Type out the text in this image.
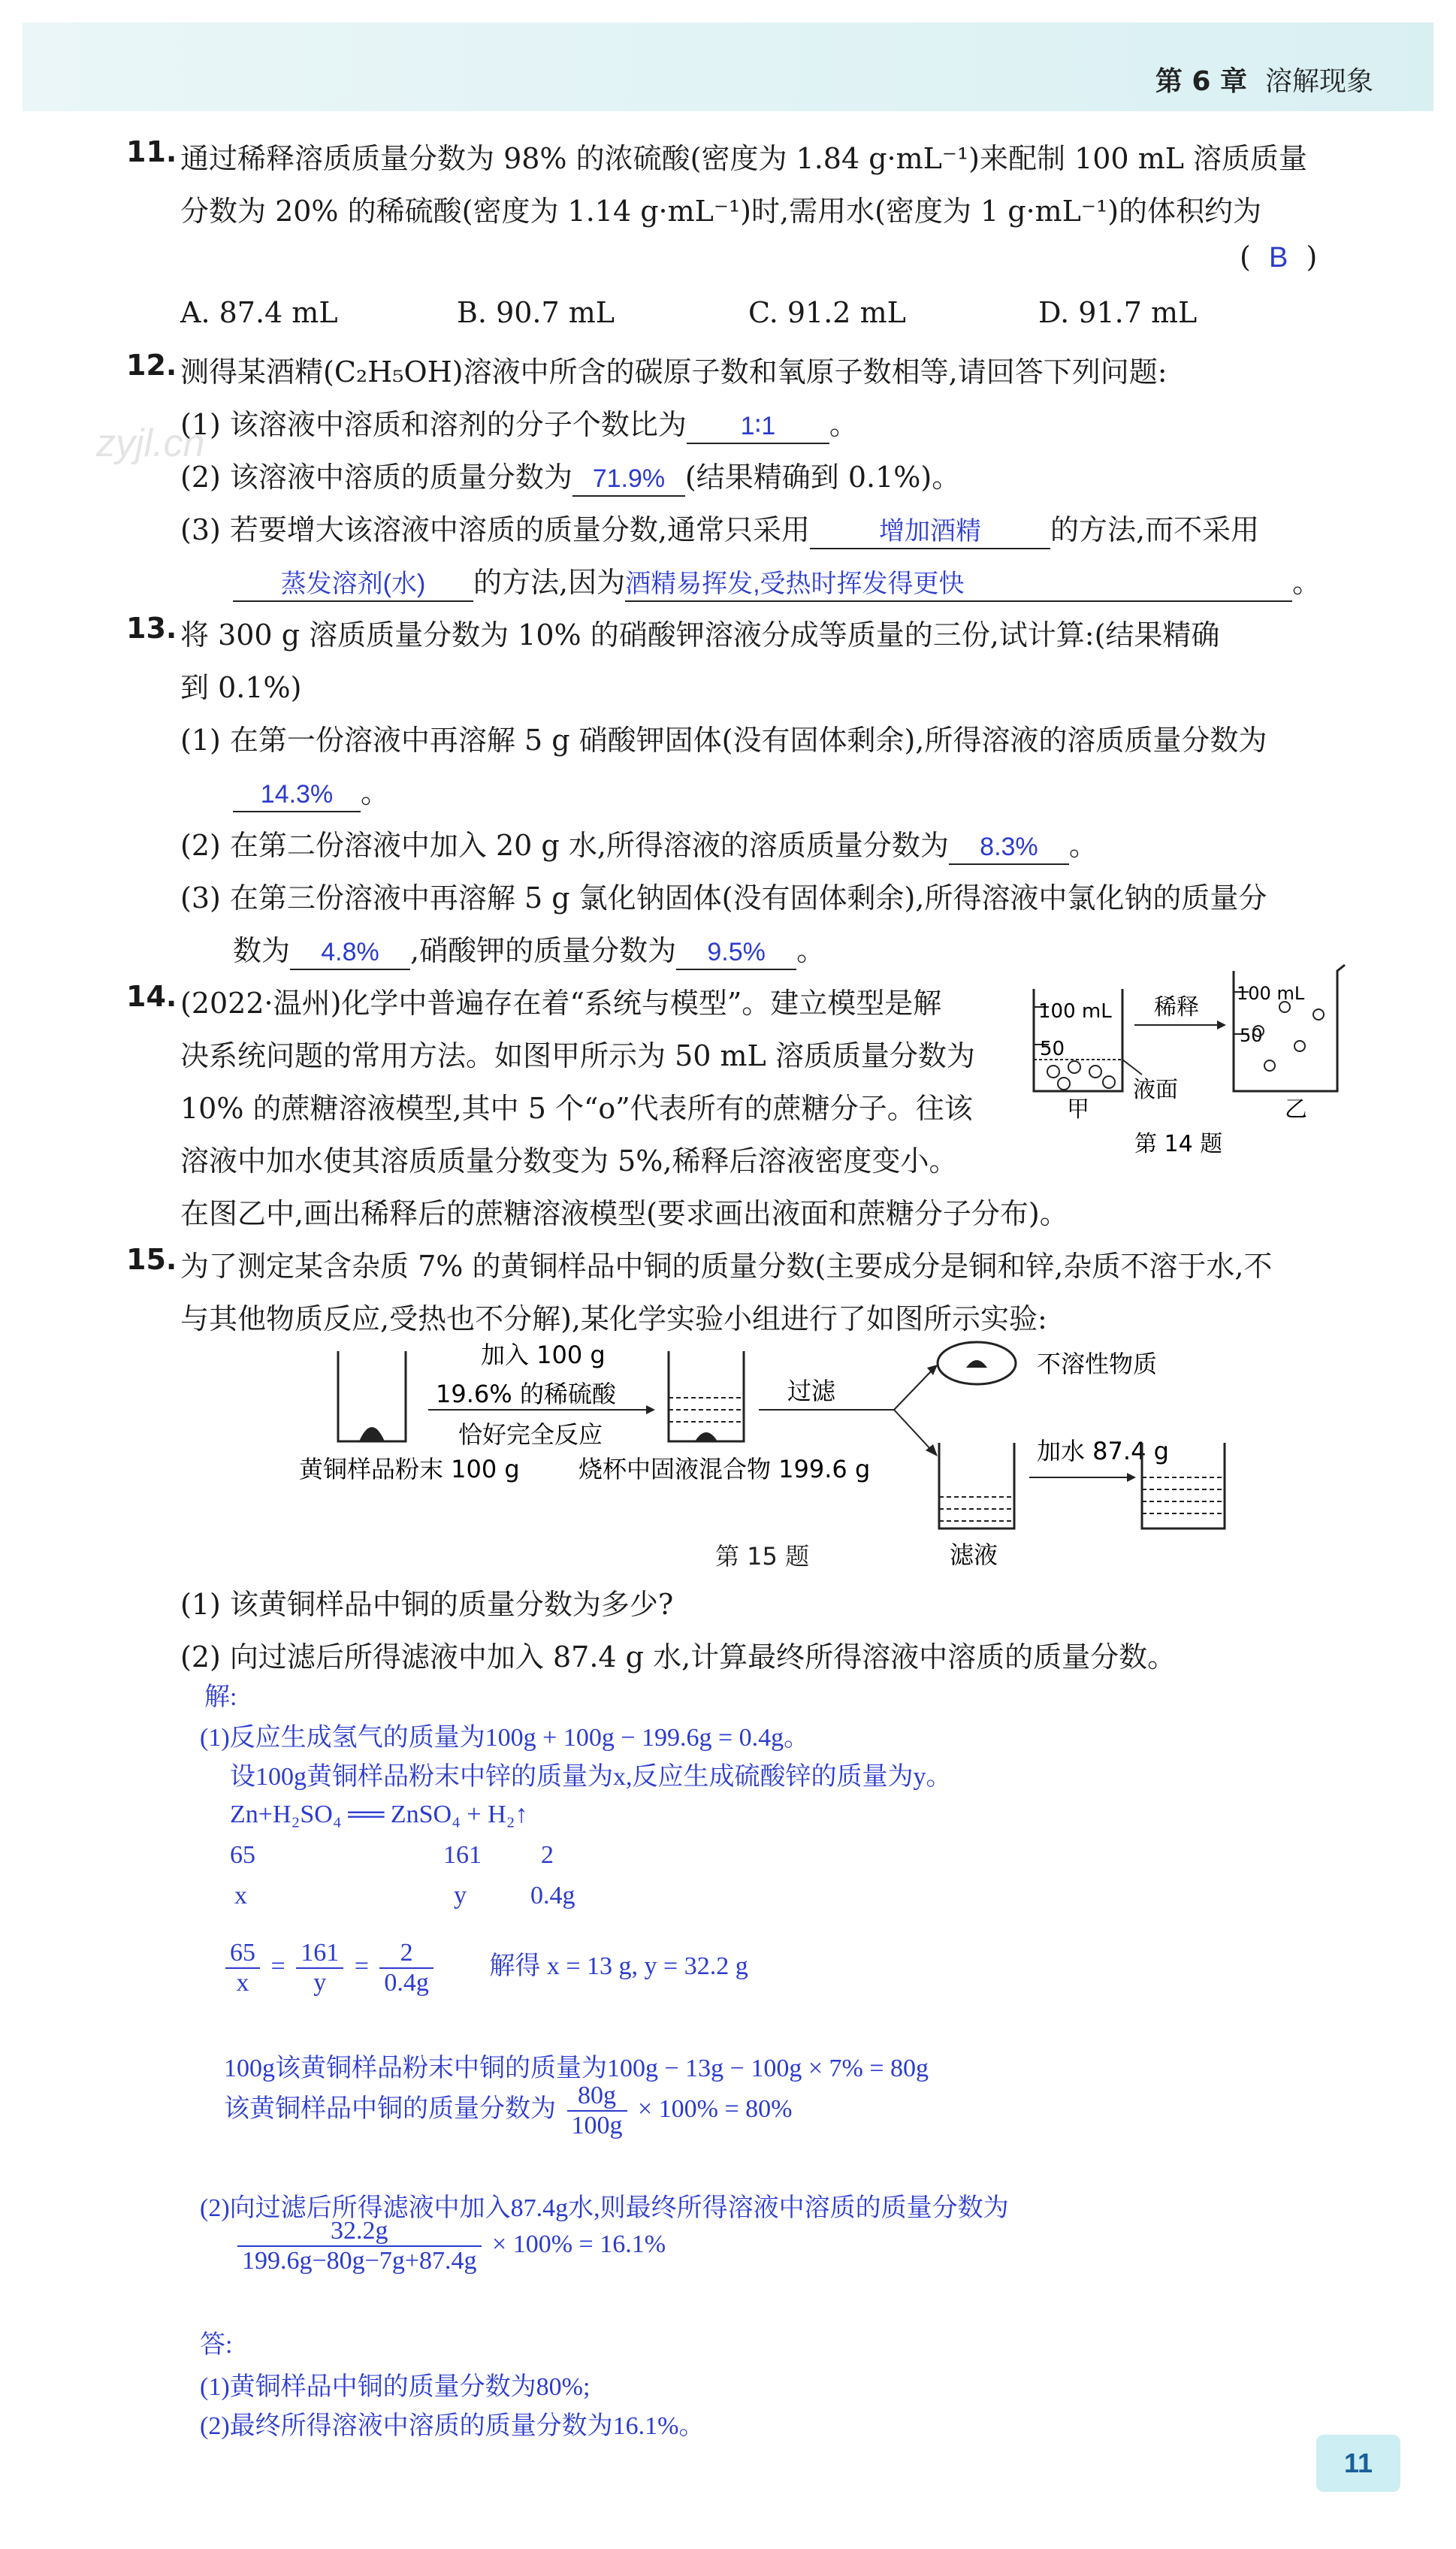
第 6 章 溶解现象
zyjl.cn
11. 通过稀释溶质质量分数为 98% 的浓硫酸(密度为 1.84 g·mL⁻¹)来配制 100 mL 溶质质量
分数为 20% 的稀硫酸(密度为 1.14 g·mL⁻¹)时,需用水(密度为 1 g·mL⁻¹)的体积约为
( B )
A. 87.4 mL	B. 90.7 mL	C. 91.2 mL	D. 91.7 mL
12. 测得某酒精(C₂H₅OH)溶液中所含的碳原子数和氧原子数相等,请回答下列问题:
(1) 该溶液中溶质和溶剂的分子个数比为 1∶1 。
(2) 该溶液中溶质的质量分数为 71.9% (结果精确到 0.1%)。
(3) 若要增大该溶液中溶质的质量分数,通常只采用	增加酒精 的方法,而不采用
蒸发溶剂(水) 的方法,因为酒精易挥发,受热时挥发得更快	。
13. 将 300 g 溶质质量分数为 10% 的硝酸钾溶液分成等质量的三份,试计算:(结果精确
到 0.1%)
(1) 在第一份溶液中再溶解 5 g 硝酸钾固体(没有固体剩余),所得溶液的溶质质量分数为
14.3% 。
(2) 在第二份溶液中加入 20 g 水,所得溶液的溶质质量分数为 8.3% 。
(3) 在第三份溶液中再溶解 5 g 氯化钠固体(没有固体剩余),所得溶液中氯化钠的质量分
数为 4.8% ,硝酸钾的质量分数为 9.5% 。
14. (2022·温州)化学中普遍存在着“系统与模型”。建立模型是解
决系统问题的常用方法。如图甲所示为 50 mL 溶质质量分数为
10% 的蔗糖溶液模型,其中 5 个“o”代表所有的蔗糖分子。往该
溶液中加水使其溶质质量分数变为 5%,稀释后溶液密度变小。
在图乙中,画出稀释后的蔗糖溶液模型(要求画出液面和蔗糖分子分布)。
100 mL
50
甲
稀释
液面
100 mL
50
乙
第 14 题
15. 为了测定某含杂质 7% 的黄铜样品中铜的质量分数(主要成分是铜和锌,杂质不溶于水,不
与其他物质反应,受热也不分解),某化学实验小组进行了如图所示实验:
黄铜样品粉末 100 g
加入 100 g
19.6% 的稀硫酸
恰好完全反应
烧杯中固液混合物 199.6 g
过滤
不溶性物质
滤液
加水 87.4 g
第 15 题
(1) 该黄铜样品中铜的质量分数为多少?
(2) 向过滤后所得滤液中加入 87.4 g 水,计算最终所得溶液中溶质的质量分数。
解:
(1)反应生成氢气的质量为100g + 100g − 199.6g = 0.4g。
设100g黄铜样品粉末中锌的质量为x,反应生成硫酸锌的质量为y。
Zn+H₂SO₄ ══ ZnSO₄ + H₂↑
65	161 2
x	y	0.4g
$\frac{65}{x} = \frac{161}{y} = \frac{2}{0.4g}$ 解得 x = 13 g, y = 32.2 g
100g该黄铜样品粉末中铜的质量为100g − 13g − 100g × 7% = 80g
该黄铜样品中铜的质量分数为 $\frac{80g}{100g} \times 100\% = 80\%$
(2)向过滤后所得滤液中加入87.4g水,则最终所得溶液中溶质的质量分数为
$\frac{32.2g}{199.6g-80g-7g+87.4g} \times 100\% = 16.1\%$
答:
(1)黄铜样品中铜的质量分数为80%;
(2)最终所得溶液中溶质的质量分数为16.1%。
11
